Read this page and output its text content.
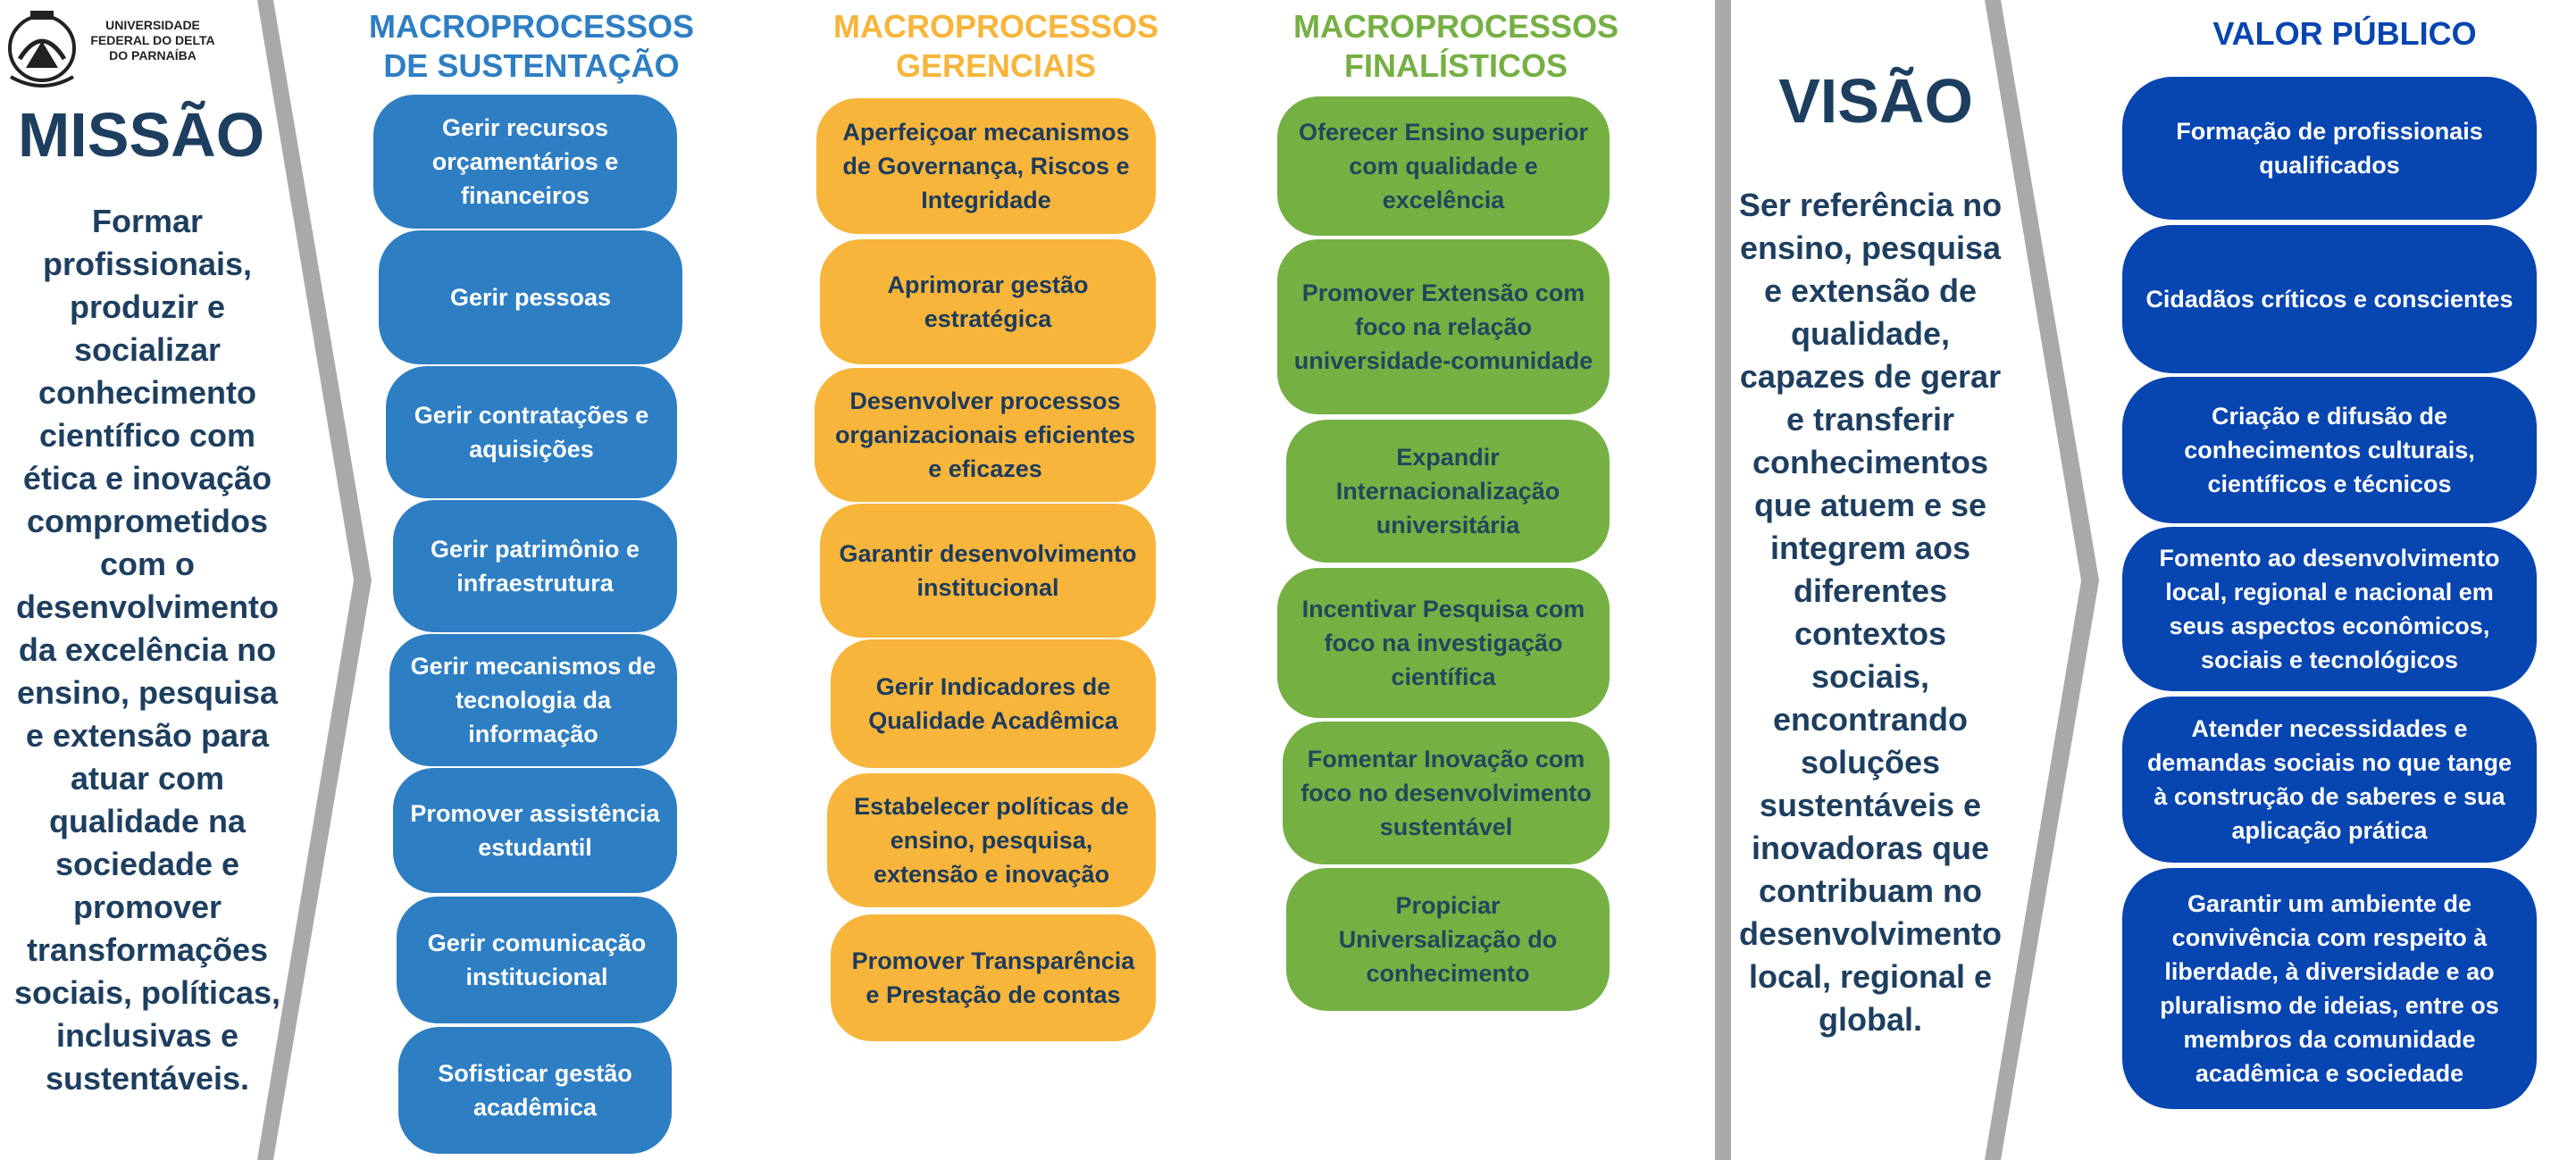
UNIVERSIDADE
FEDERAL DO DELTA
DO PARNAÍBA
MISSÃO
Formar profissionais, produzir e socializar conhecimento científico com ética e inovação comprometidos com o desenvolvimento da excelência no ensino, pesquisa e extensão para atuar com qualidade na sociedade e promover transformações sociais, políticas, inclusivas e sustentáveis.
MACROPROCESSOS DE SUSTENTAÇÃO
MACROPROCESSOS GERENCIAIS
MACROPROCESSOS FINALÍSTICOS
VALOR PÚBLICO
Gerir recursos orçamentários e financeiros
Gerir pessoas
Gerir contratações e aquisições
Gerir patrimônio e infraestrutura
Gerir mecanismos de tecnologia da informação
Promover assistência estudantil
Gerir comunicação institucional
Sofisticar gestão acadêmica
Aperfeiçoar mecanismos de Governança, Riscos e Integridade
Aprimorar gestão estratégica
Desenvolver processos organizacionais eficientes e eficazes
Garantir desenvolvimento institucional
Gerir Indicadores de Qualidade Acadêmica
Estabelecer políticas de ensino, pesquisa, extensão e inovação
Promover Transparência e Prestação de contas
Oferecer Ensino superior com qualidade e excelência
Promover Extensão com foco na relação universidade-comunidade
Expandir Internacionalização universitária
Incentivar Pesquisa com foco na investigação científica
Fomentar Inovação com foco no desenvolvimento sustentável
Propiciar Universalização do conhecimento
VISÃO
Ser referência no ensino, pesquisa e extensão de qualidade, capazes de gerar e transferir conhecimentos que atuem e se integrem aos diferentes contextos sociais, encontrando soluções sustentáveis e inovadoras que contribuam no desenvolvimento local, regional e global.
Formação de profissionais qualificados
Cidadãos críticos e conscientes
Criação e difusão de conhecimentos culturais, científicos e técnicos
Fomento ao desenvolvimento local, regional e nacional em seus aspectos econômicos, sociais e tecnológicos
Atender necessidades e demandas sociais no que tange à construção de saberes e sua aplicação prática
Garantir um ambiente de convivência com respeito à liberdade, à diversidade e ao pluralismo de ideias, entre os membros da comunidade acadêmica e sociedade
